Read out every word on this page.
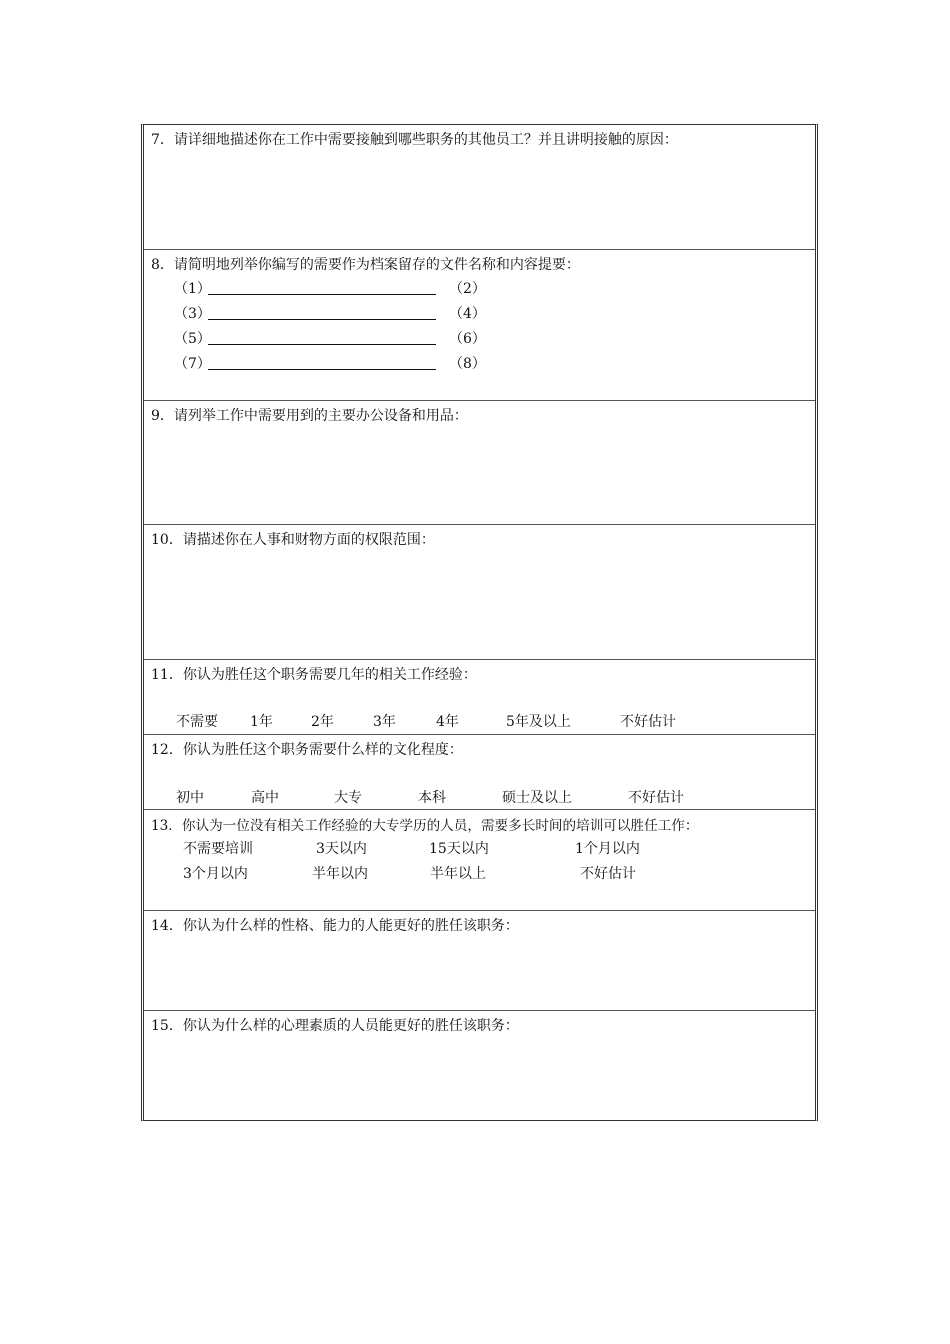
7．请详细地描述你在工作中需要接触到哪些职务的其他员工？并且讲明接触的原因：
8．请简明地列举你编写的需要作为档案留存的文件名称和内容提要：
（1）	（2）
（3）	（4）
（5）	（6）
（7）	（8）
9．请列举工作中需要用到的主要办公设备和用品：
10．请描述你在人事和财物方面的权限范围：
11．你认为胜任这个职务需要几年的相关工作经验：
不需要 1年	2年	3年	4年	5年及以上	不好估计
12．你认为胜任这个职务需要什么样的文化程度：
初中	高中	大专	本科	硕士及以上	不好估计
13．你认为一位没有相关工作经验的大专学历的人员，需要多长时间的培训可以胜任工作：
不需要培训	3天以内	15天以内	1个月以内
3个月以内	半年以内	半年以上	不好估计
14．你认为什么样的性格、能力的人能更好的胜任该职务：
15．你认为什么样的心理素质的人员能更好的胜任该职务：
